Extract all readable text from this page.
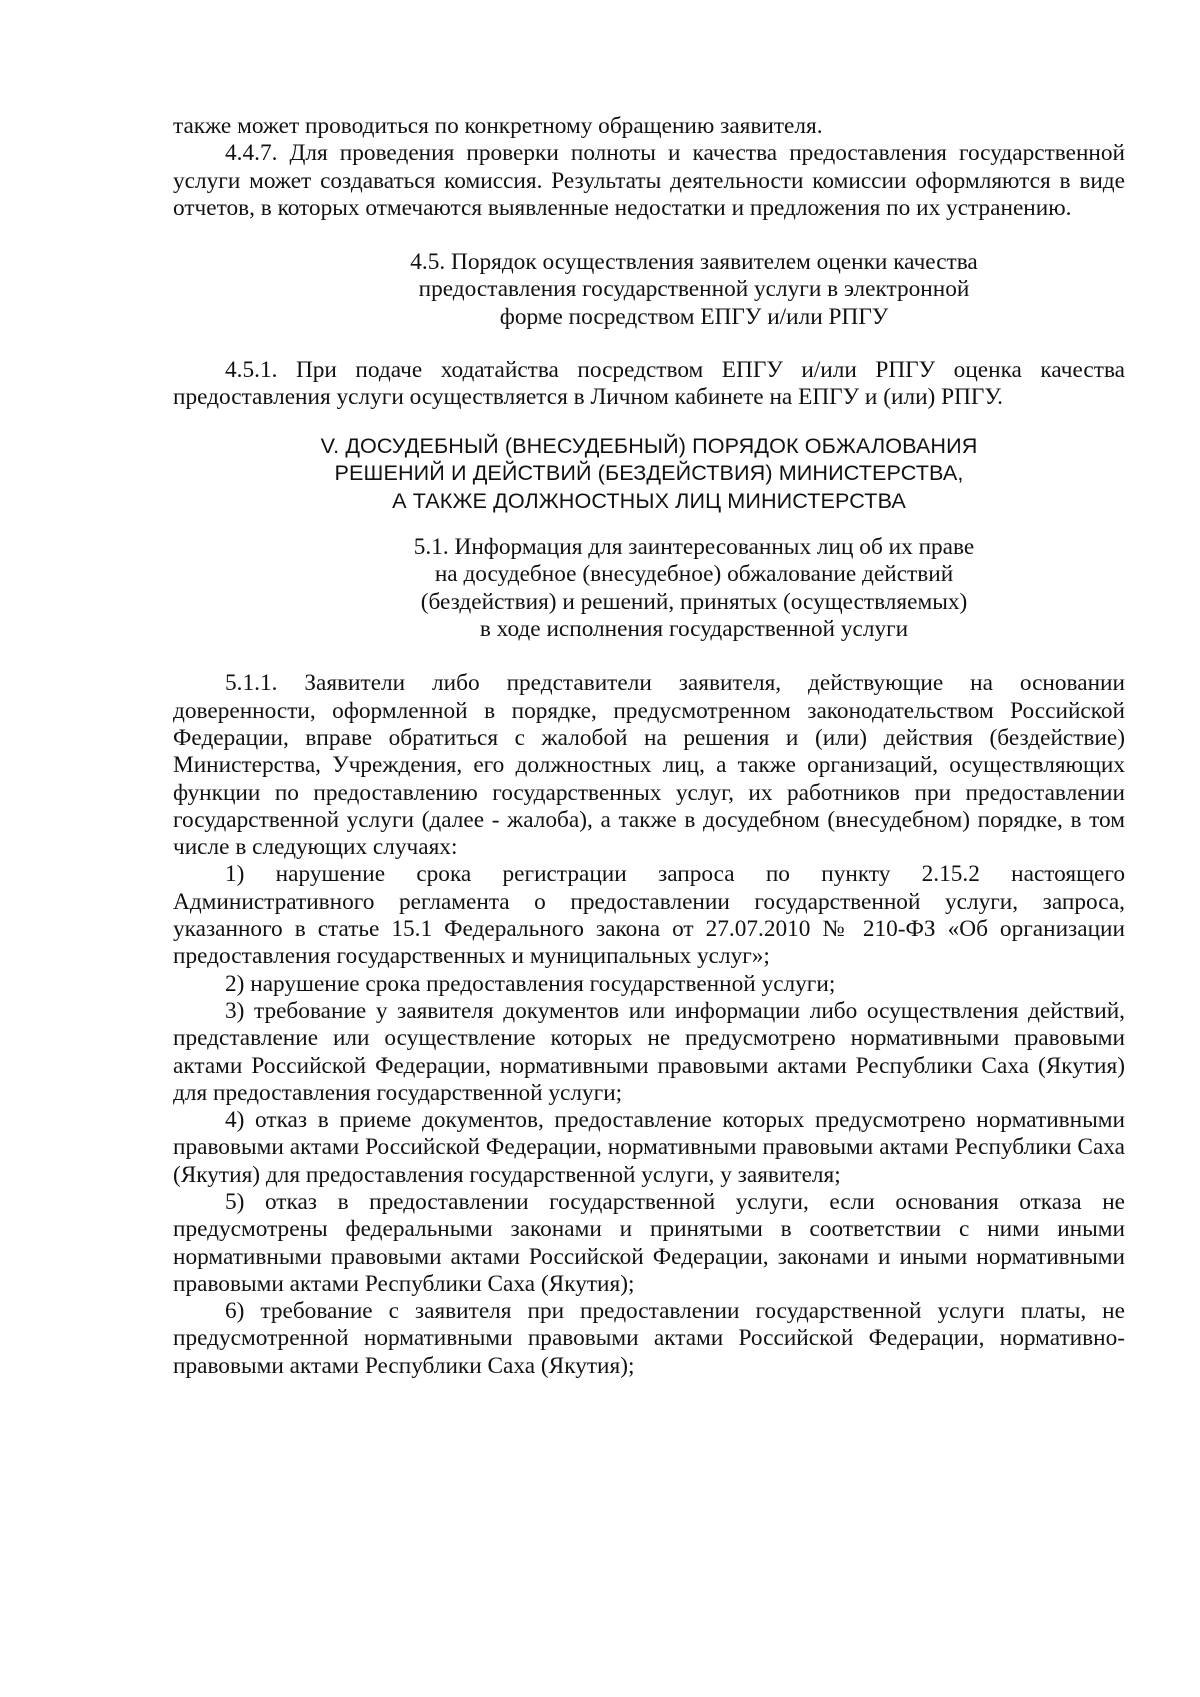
также может проводиться по конкретному обращению заявителя.

4.4.7. Для проведения проверки полноты и качества предоставления государственной услуги может создаваться комиссия. Результаты деятельности комиссии оформляются в виде отчетов, в которых отмечаются выявленные недостатки и предложения по их устранению.

4.5. Порядок осуществления заявителем оценки качества
предоставления государственной услуги в электронной
форме посредством ЕПГУ и/или РПГУ

4.5.1. При подаче ходатайства посредством ЕПГУ и/или РПГУ оценка качества предоставления услуги осуществляется в Личном кабинете на ЕПГУ и (или) РПГУ.

V. ДОСУДЕБНЫЙ (ВНЕСУДЕБНЫЙ) ПОРЯДОК ОБЖАЛОВАНИЯ
РЕШЕНИЙ И ДЕЙСТВИЙ (БЕЗДЕЙСТВИЯ) МИНИСТЕРСТВА,
А ТАКЖЕ ДОЛЖНОСТНЫХ ЛИЦ МИНИСТЕРСТВА
5.1. Информация для заинтересованных лиц об их праве
на досудебное (внесудебное) обжалование действий
(бездействия) и решений, принятых (осуществляемых)
в ходе исполнения государственной услуги

5.1.1. Заявители либо представители заявителя, действующие на основании доверенности, оформленной в порядке, предусмотренном законодательством Российской Федерации, вправе обратиться с жалобой на решения и (или) действия (бездействие) Министерства, Учреждения, его должностных лиц, а также организаций, осуществляющих функции по предоставлению государственных услуг, их работников при предоставлении государственной услуги (далее - жалоба), а также в досудебном (внесудебном) порядке, в том числе в следующих случаях:

1) нарушение срока регистрации запроса по пункту 2.15.2 настоящего Административного регламента о предоставлении государственной услуги, запроса, указанного в статье 15.1 Федерального закона от 27.07.2010 № 210-ФЗ «Об организации предоставления государственных и муниципальных услуг»;

2) нарушение срока предоставления государственной услуги;

3) требование у заявителя документов или информации либо осуществления действий, представление или осуществление которых не предусмотрено нормативными правовыми актами Российской Федерации, нормативными правовыми актами Республики Саха (Якутия) для предоставления государственной услуги;

4) отказ в приеме документов, предоставление которых предусмотрено нормативными правовыми актами Российской Федерации, нормативными правовыми актами Республики Саха (Якутия) для предоставления государственной услуги, у заявителя;

5) отказ в предоставлении государственной услуги, если основания отказа не предусмотрены федеральными законами и принятыми в соответствии с ними иными нормативными правовыми актами Российской Федерации, законами и иными нормативными правовыми актами Республики Саха (Якутия);

6) требование с заявителя при предоставлении государственной услуги платы, не предусмотренной нормативными правовыми актами Российской Федерации, нормативно-правовыми актами Республики Саха (Якутия);
